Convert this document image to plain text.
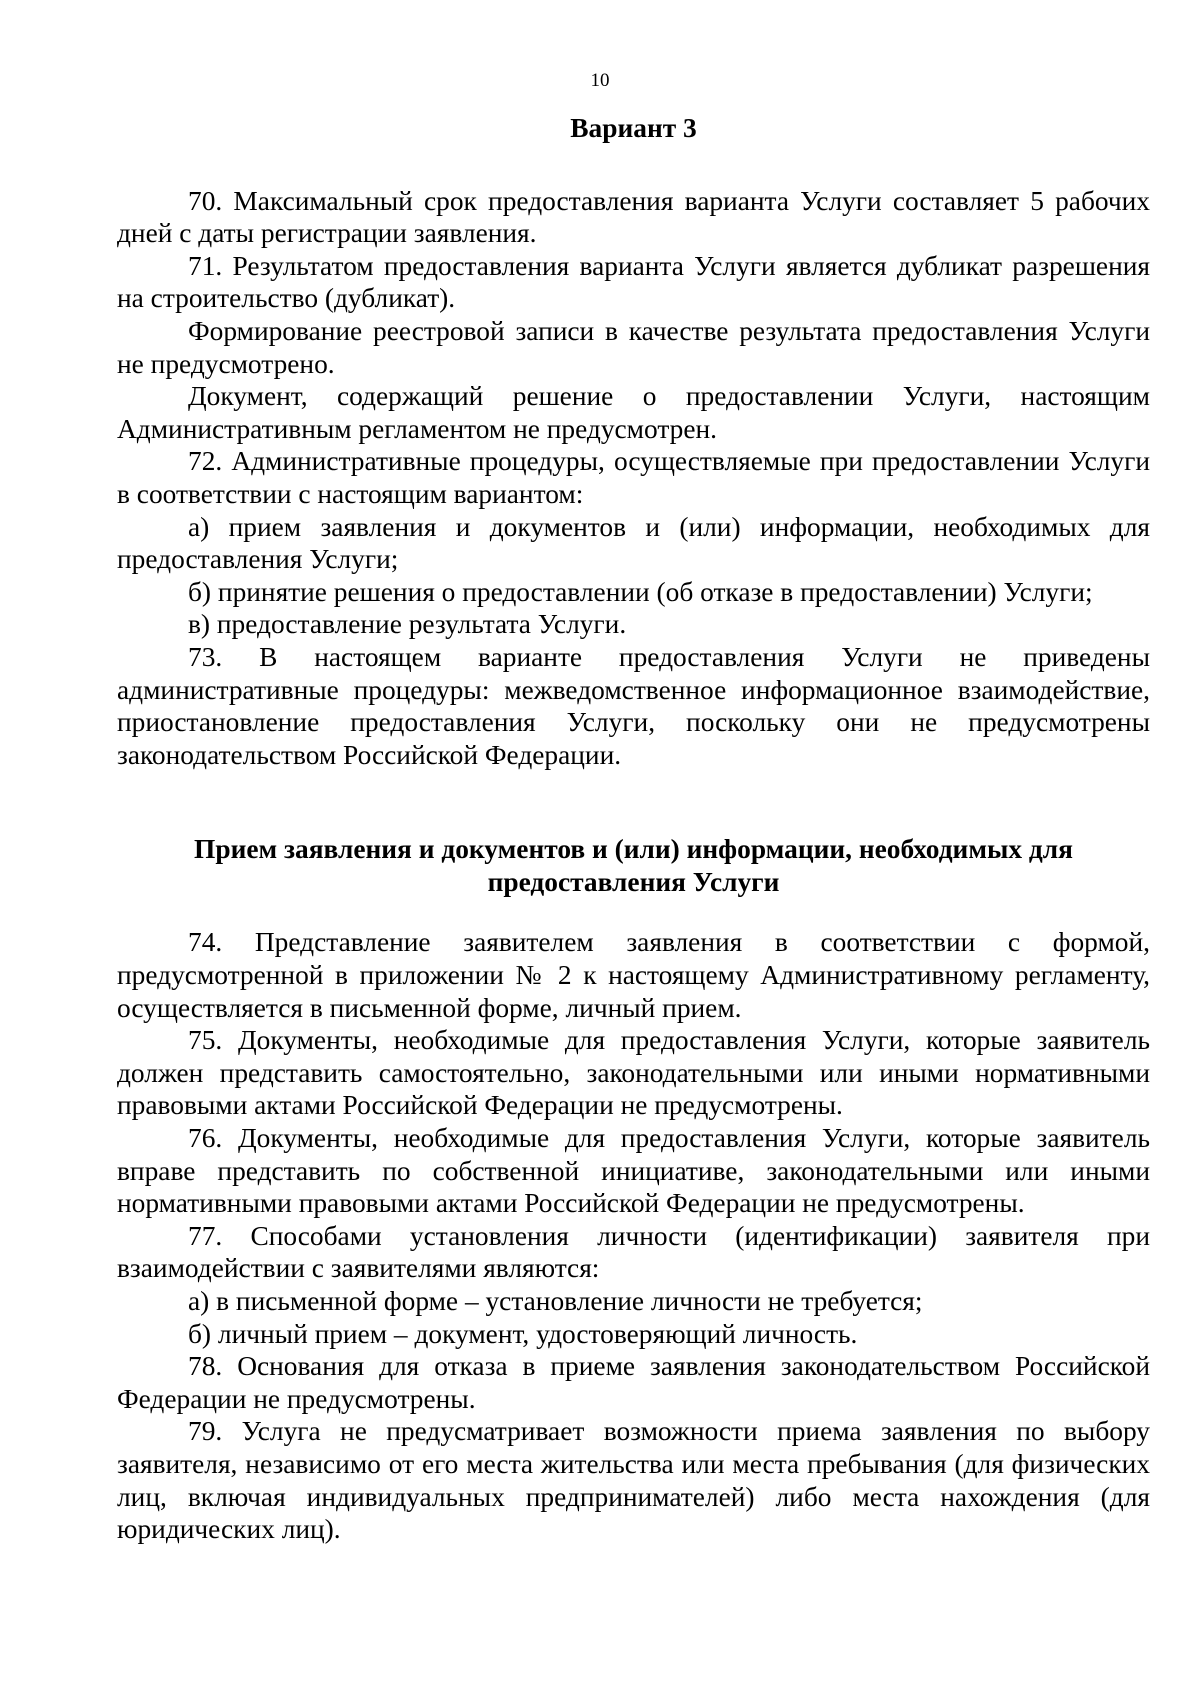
10

Вариант 3

70. Максимальный срок предоставления варианта Услуги составляет 5 рабочих дней с даты регистрации заявления.

71. Результатом предоставления варианта Услуги является дубликат разрешения на строительство (дубликат).

Формирование реестровой записи в качестве результата предоставления Услуги не предусмотрено.

Документ, содержащий решение о предоставлении Услуги, настоящим Административным регламентом не предусмотрен.

72. Административные процедуры, осуществляемые при предоставлении Услуги в соответствии с настоящим вариантом:

а) прием заявления и документов и (или) информации, необходимых для предоставления Услуги;

б) принятие решения о предоставлении (об отказе в предоставлении) Услуги;

в) предоставление результата Услуги.

73. В настоящем варианте предоставления Услуги не приведены административные процедуры: межведомственное информационное взаимодействие, приостановление предоставления Услуги, поскольку они не предусмотрены законодательством Российской Федерации.

Прием заявления и документов и (или) информации, необходимых для
предоставления Услуги

74. Представление заявителем заявления в соответствии с формой, предусмотренной в приложении № 2 к настоящему Административному регламенту, осуществляется в письменной форме, личный прием.

75. Документы, необходимые для предоставления Услуги, которые заявитель должен представить самостоятельно, законодательными или иными нормативными правовыми актами Российской Федерации не предусмотрены.

76. Документы, необходимые для предоставления Услуги, которые заявитель вправе представить по собственной инициативе, законодательными или иными нормативными правовыми актами Российской Федерации не предусмотрены.

77. Способами установления личности (идентификации) заявителя при взаимодействии с заявителями являются:

а) в письменной форме – установление личности не требуется;

б) личный прием – документ, удостоверяющий личность.

78. Основания для отказа в приеме заявления законодательством Российской Федерации не предусмотрены.

79. Услуга не предусматривает возможности приема заявления по выбору заявителя, независимо от его места жительства или места пребывания (для физических лиц, включая индивидуальных предпринимателей) либо места нахождения (для юридических лиц).
